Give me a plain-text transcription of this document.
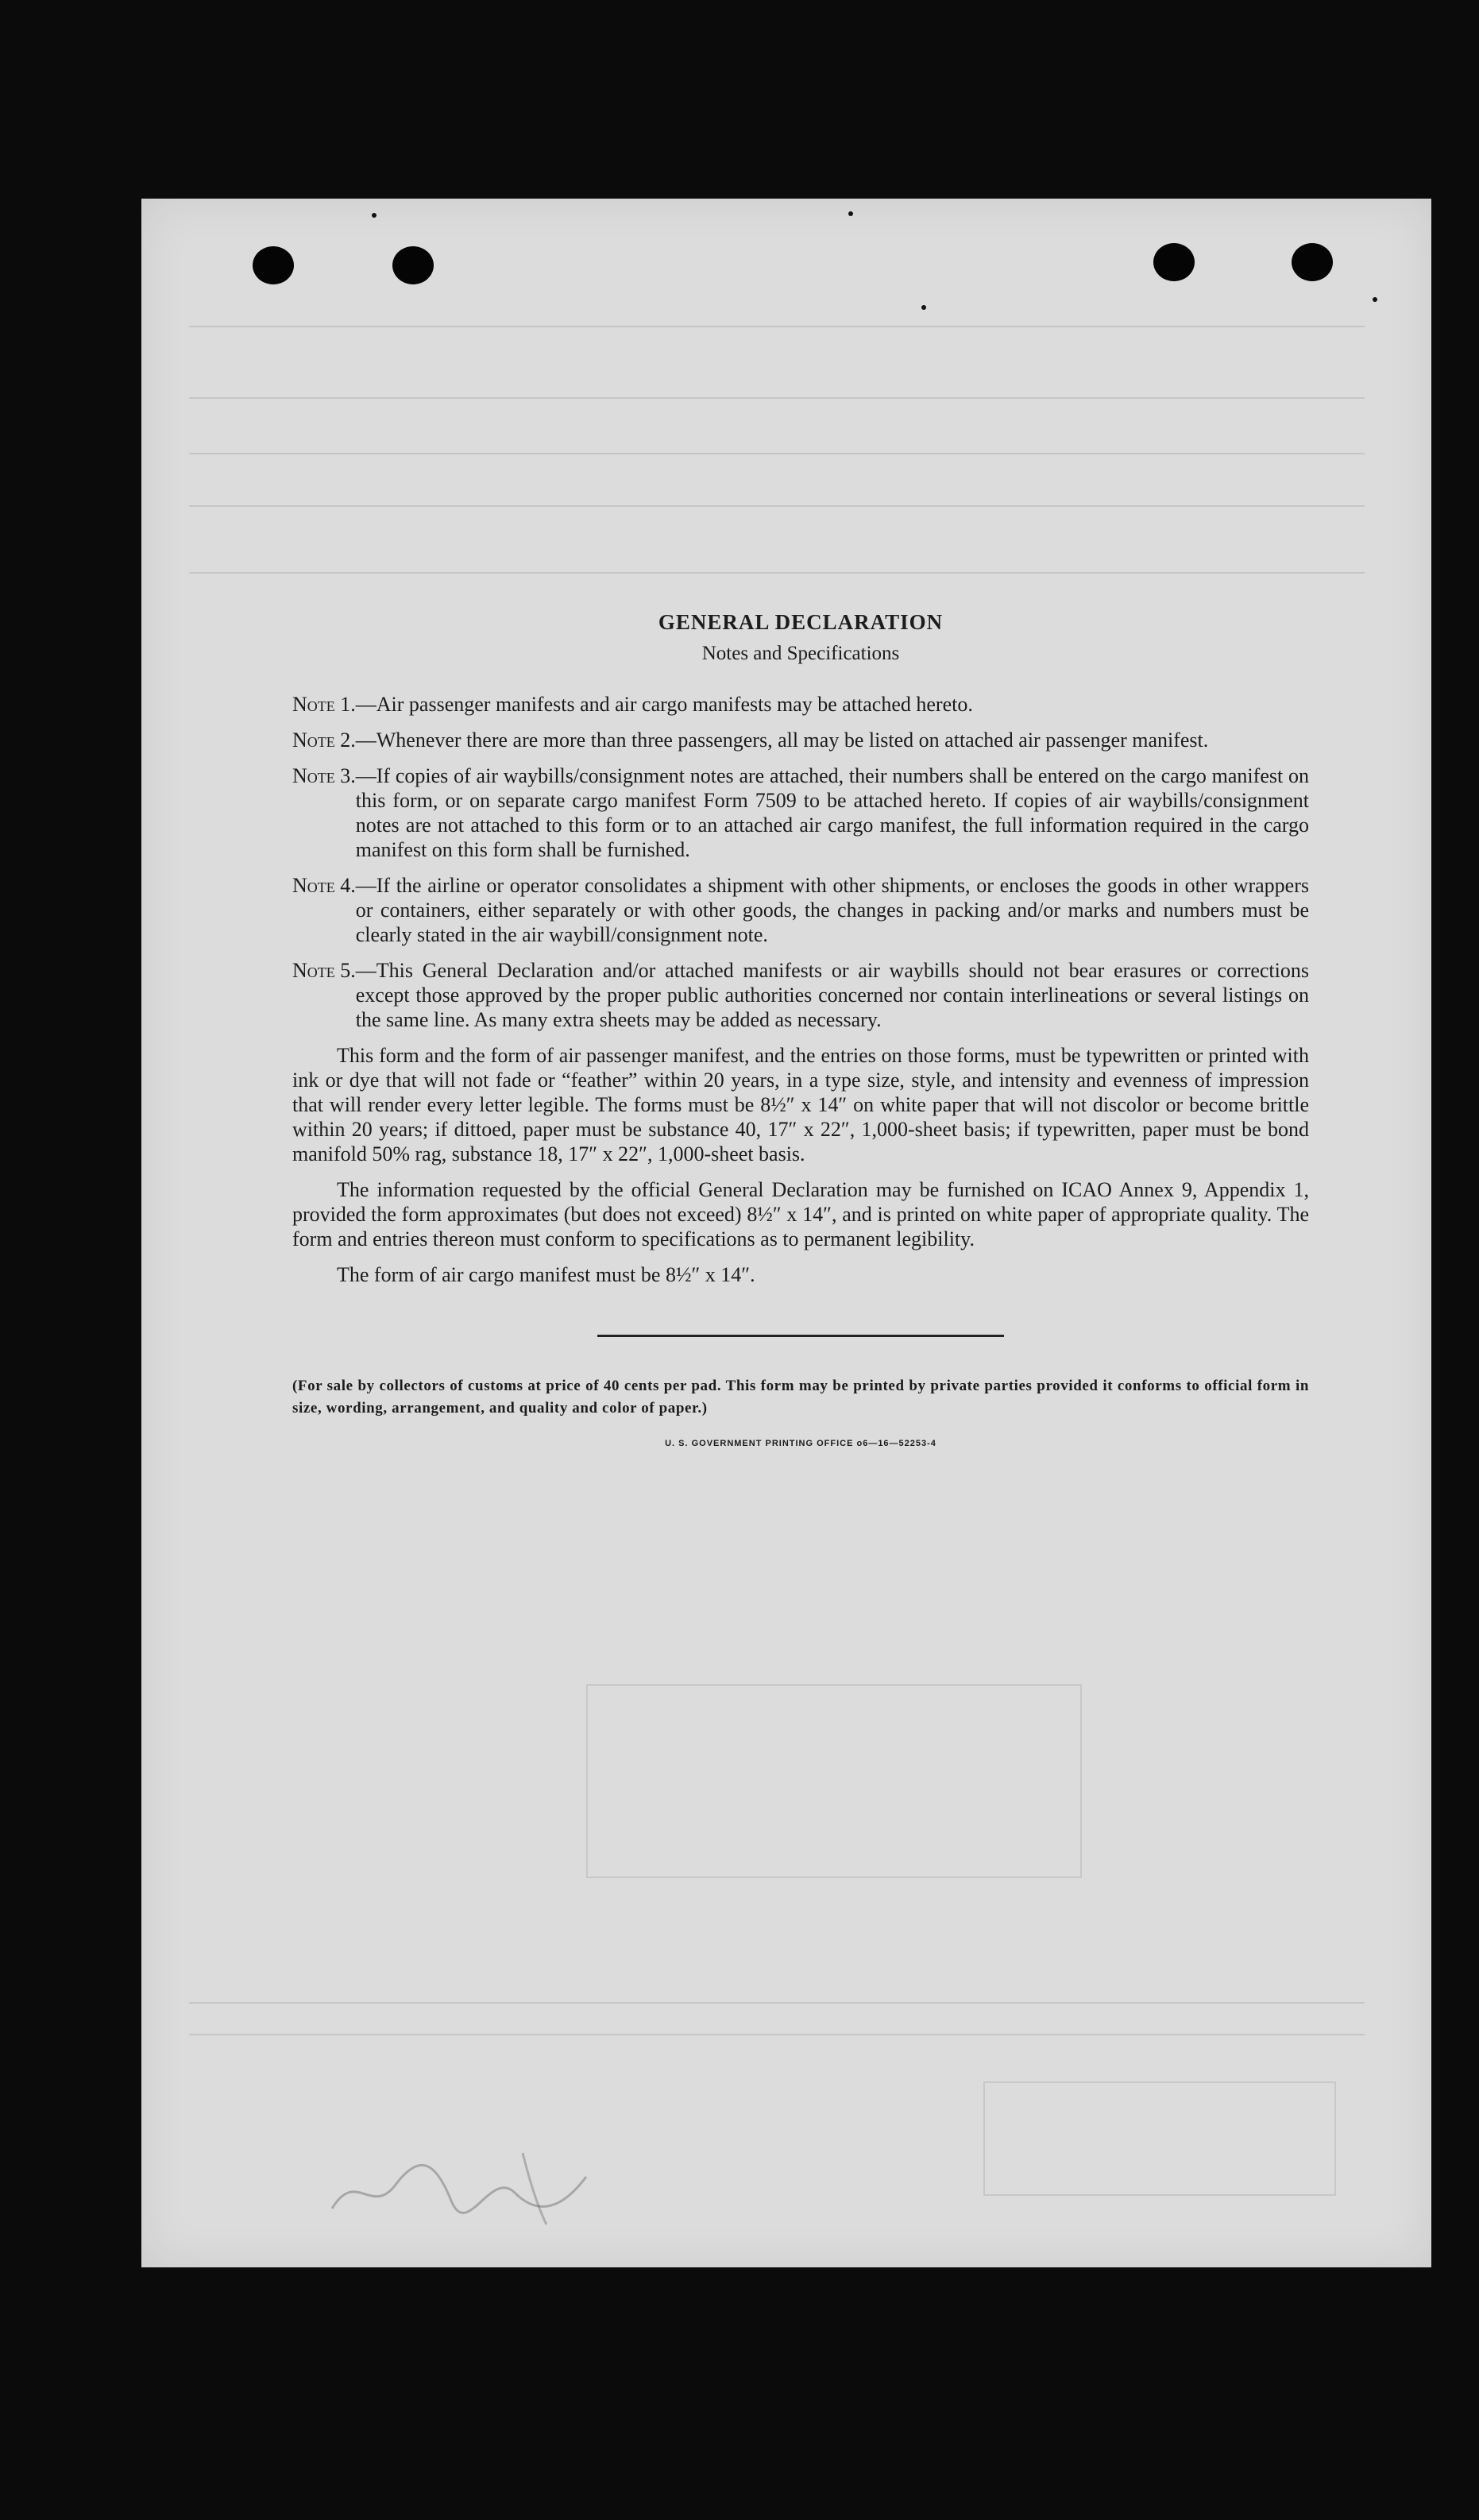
GENERAL DECLARATION
Notes and Specifications
Note 1. —Air passenger manifests and air cargo manifests may be attached hereto.
Note 2. —Whenever there are more than three passengers, all may be listed on attached air passenger manifest.
Note 3. —If copies of air waybills/consignment notes are attached, their numbers shall be entered on the cargo manifest on this form, or on separate cargo manifest Form 7509 to be attached hereto. If copies of air waybills/consignment notes are not attached to this form or to an attached air cargo manifest, the full information required in the cargo manifest on this form shall be furnished.
Note 4. —If the airline or operator consolidates a shipment with other shipments, or encloses the goods in other wrappers or containers, either separately or with other goods, the changes in packing and/or marks and numbers must be clearly stated in the air waybill/consignment note.
Note 5. —This General Declaration and/or attached manifests or air waybills should not bear erasures or corrections except those approved by the proper public authorities concerned nor contain interlineations or several listings on the same line. As many extra sheets may be added as necessary.

This form and the form of air passenger manifest, and the entries on those forms, must be typewritten or printed with ink or dye that will not fade or “feather” within 20 years, in a type size, style, and intensity and evenness of impression that will render every letter legible. The forms must be 8½″ x 14″ on white paper that will not discolor or become brittle within 20 years; if dittoed, paper must be substance 40, 17″ x 22″, 1,000-sheet basis; if typewritten, paper must be bond manifold 50% rag, substance 18, 17″ x 22″, 1,000-sheet basis.

The information requested by the official General Declaration may be furnished on ICAO Annex 9, Appendix 1, provided the form approximates (but does not exceed) 8½″ x 14″, and is printed on white paper of appropriate quality. The form and entries thereon must conform to specifications as to permanent legibility.

The form of air cargo manifest must be 8½″ x 14″.

(For sale by collectors of customs at price of 40 cents per pad. This form may be printed by private parties provided it conforms to official form in size, wording, arrangement, and quality and color of paper.)

U. S. GOVERNMENT PRINTING OFFICE o6—16—52253-4
